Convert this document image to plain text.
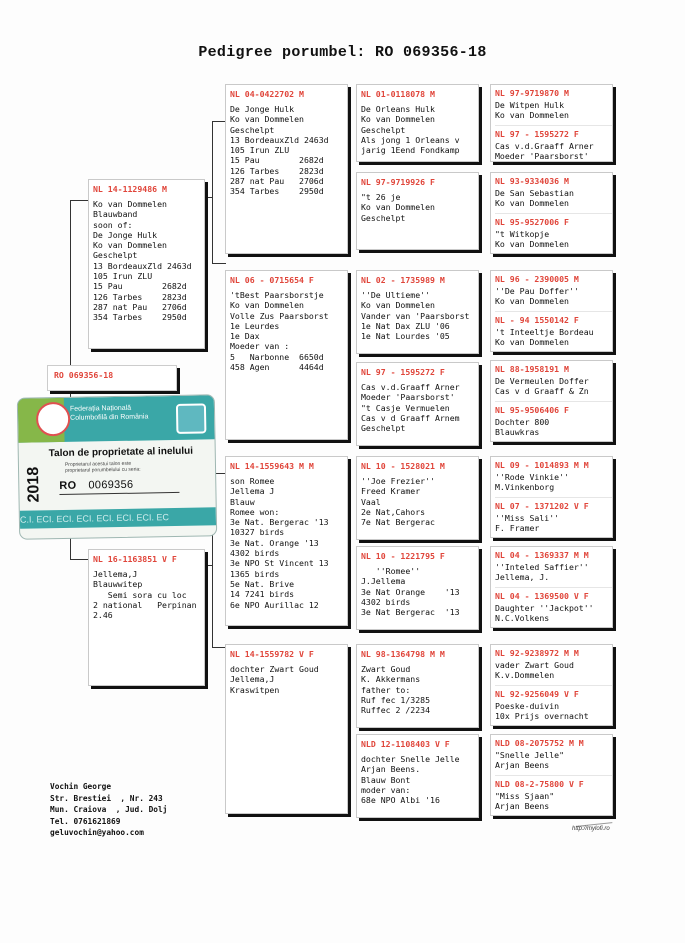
Pedigree porumbel: RO 069356-18
RO 069356-18
NL 14-1129486 M
Ko van Dommelen
Blauwband
soon of:
De Jonge Hulk
Ko van Dommelen
Geschelpt
13 BordeauxZld 2463d
105 Irun ZLU
15 Pau        2682d
126 Tarbes    2823d
287 nat Pau   2706d
354 Tarbes    2950d
NL 16-1163851 V F
Jellema,J
Blauwwitep
Semi sora cu loc
2 national   Perpinan
2.46
NL 04-0422702 M
De Jonge Hulk
Ko van Dommelen
Geschelpt
13 BordeauxZld 2463d
105 Irun ZLU
15 Pau        2682d
126 Tarbes    2823d
287 nat Pau   2706d
354 Tarbes    2950d
NL 06 - 0715654 F
'tBest Paarsborstje
Ko van Dommelen
Volle Zus Paarsborst
1e Leurdes
1e Dax
Moeder van :
5   Narbonne  6650d
458 Agen      4464d
NL 14-1559643 M M
son Romee
Jellema J
Blauw
Romee won:
3e Nat. Bergerac '13
10327 birds
3e Nat. Orange '13
4302 birds
3e NPO St Vincent 13
1365 birds
5e Nat. Brive
14 7241 birds
6e NPO Aurillac 12
NL 14-1559782 V F
dochter Zwart Goud
Jellema,J
Kraswitpen
NL 01-0118078 M
De Orleans Hulk
Ko van Dommelen
Geschelpt
Als jong 1 Orleans v
jarig 1Eend Fondkamp
NL 97-9719926 F
"t 26 je
Ko van Dommelen
Geschelpt
NL 02 - 1735989 M
''De Ultieme''
Ko van Dommelen
Vander van 'Paarsborst
1e Nat Dax ZLU '06
1e Nat Lourdes '05
NL 97 - 1595272 F
Cas v.d.Graaff Arner
Moeder 'Paarsborst'
"t Casje Vermuelen
Cas v d Graaff Arnem
Geschelpt
NL 10 - 1528021 M
''Joe Frezier''
Freed Kramer
Vaal
2e Nat,Cahors
7e Nat Bergerac
NL 10 - 1221795 F
''Romee''
J.Jellema
3e Nat Orange    '13
4302 birds
3e Nat Bergerac  '13
NL 98-1364798 M M
Zwart Goud
K. Akkermans
father to:
Ruf fec 1/3285
Ruffec 2 /2234
NLD 12-1108403 V F
dochter Snelle Jelle
Arjan Beens.
Blauw Bont
moder van:
68e NPO Albi '16
NL 97-9719870 M
De Witpen Hulk
Ko van Dommelen
NL 97 - 1595272 F
Cas v.d.Graaff Arner
Moeder 'Paarsborst'
NL 93-9334036 M
De San Sebastian
Ko van Dommelen
NL 95-9527006 F
"t Witkopje
Ko van Dommelen
NL 96 - 2390005 M
''De Pau Doffer''
Ko van Dommelen
NL - 94 1550142 F
't Inteeltje Bordeau
Ko van Dommelen
NL 88-1958191 M
De Vermeulen Doffer
Cas v d Graaff & Zn
NL 95-9506406 F
Dochter 800
Blauwkras
NL 09 - 1014893 M M
''Rode Vinkie''
M.Vinkenborg
NL 07 - 1371202 V F
''Miss Sali''
F. Framer
NL 04 - 1369337 M M
''Inteled Saffier''
Jellema, J.
NL 04 - 1369500 V F
Daughter ''Jackpot''
N.C.Volkens
NL 92-9238972 M M
vader Zwart Goud
K.v.Dommelen
NL 92-9256049 V F
Poeske-duivin
10x Prijs overnacht
NLD 08-2075752 M M
"Snelle Jelle"
Arjan Beens
NLD 08-2-75800 V F
"Miss Sjaan"
Arjan Beens
Federația Națională
Columbofilă din România
Talon de proprietate al inelului
Proprietarul acestui talon este
proprietarul porumbelului cu seria:
2018 RO 0069356
C.I. ECI. ECI. ECI. ECI. ECI. ECI. EC
Vochin George
Str. Brestiei  , Nr. 243
Mun. Craiova  , Jud. Dolj
Tel. 0761621869
geluvochin@yahoo.com	http://mylofi.ro
